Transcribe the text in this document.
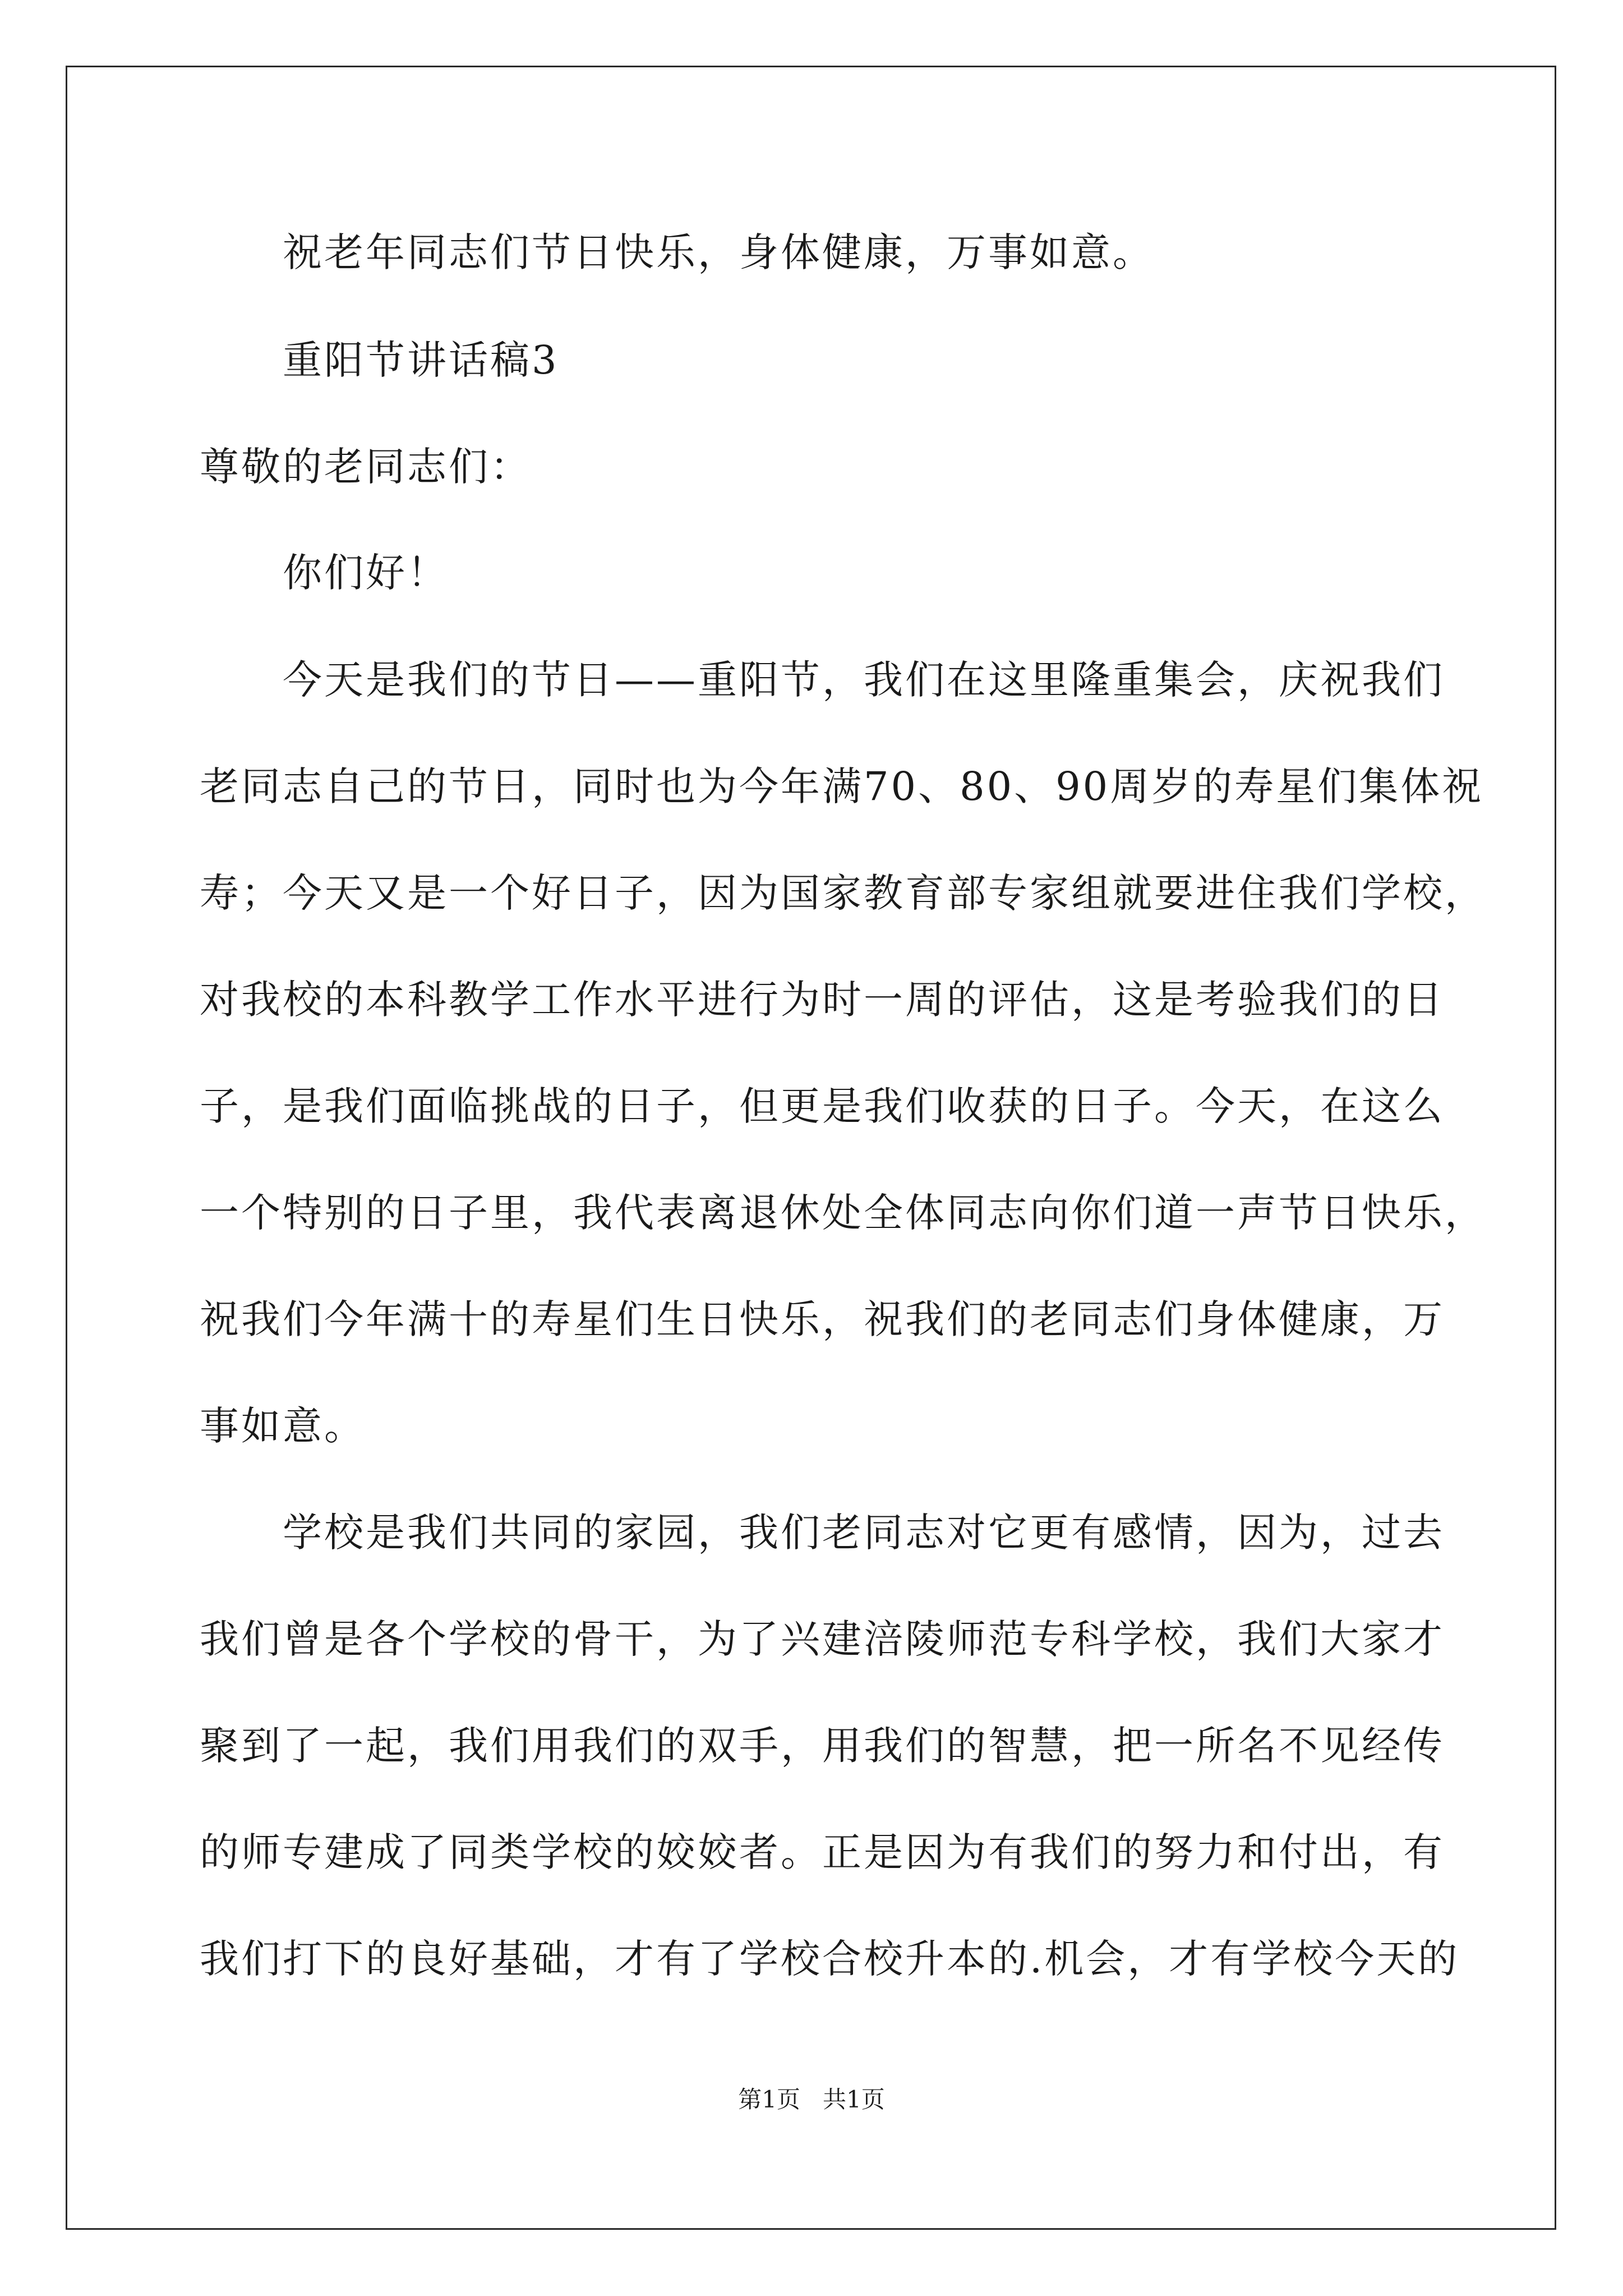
祝老年同志们节日快乐，身体健康，万事如意。
重阳节讲话稿3
尊敬的老同志们：
你们好！
今天是我们的节日——重阳节，我们在这里隆重集会，庆祝我们
老同志自己的节日，同时也为今年满70、80、90周岁的寿星们集体祝
寿；今天又是一个好日子，因为国家教育部专家组就要进住我们学校，
对我校的本科教学工作水平进行为时一周的评估，这是考验我们的日
子，是我们面临挑战的日子，但更是我们收获的日子。今天，在这么
一个特别的日子里，我代表离退休处全体同志向你们道一声节日快乐，
祝我们今年满十的寿星们生日快乐，祝我们的老同志们身体健康，万
事如意。
学校是我们共同的家园，我们老同志对它更有感情，因为，过去
我们曾是各个学校的骨干，为了兴建涪陵师范专科学校，我们大家才
聚到了一起，我们用我们的双手，用我们的智慧，把一所名不见经传
的师专建成了同类学校的姣姣者。正是因为有我们的努力和付出，有
我们打下的良好基础，才有了学校合校升本的.机会，才有学校今天的
第1页   共1页
